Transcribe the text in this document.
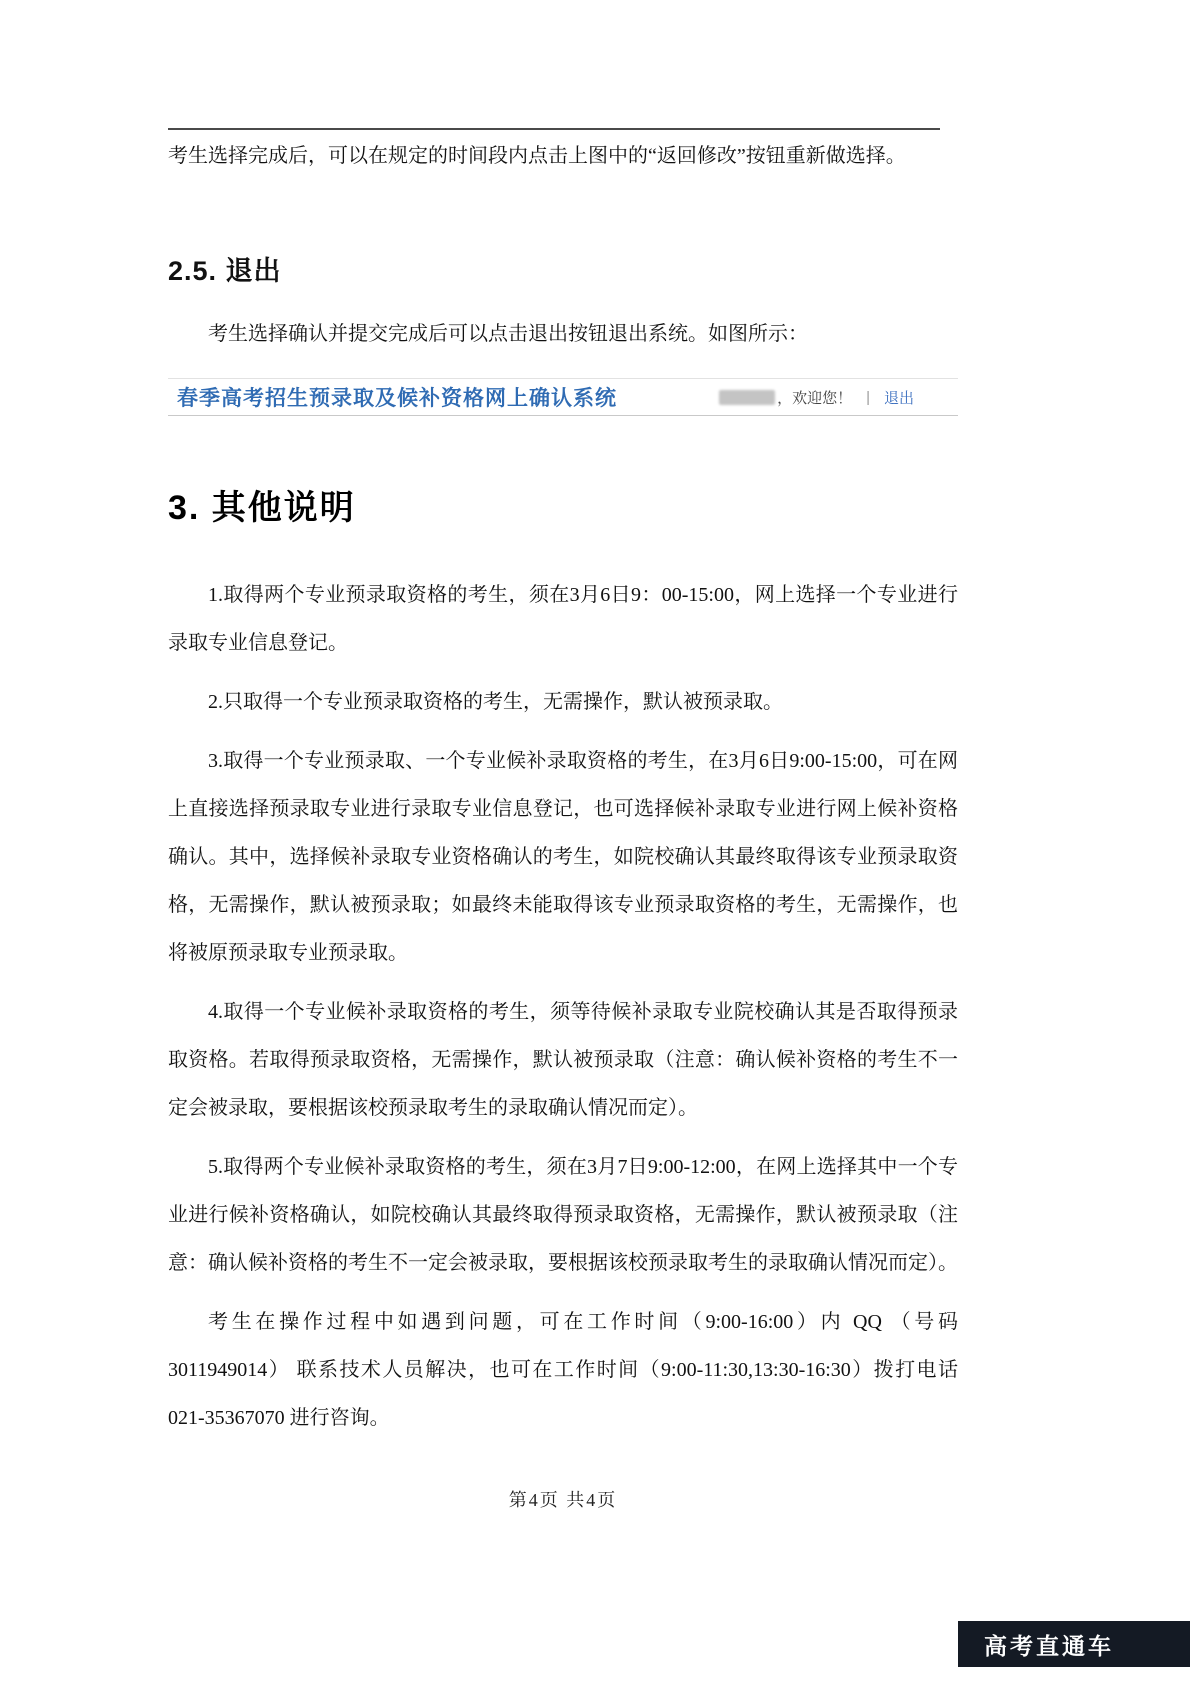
考生选择完成后，可以在规定的时间段内点击上图中的“返回修改”按钮重新做选择。

2.5. 退出

考生选择确认并提交完成后可以点击退出按钮退出系统。如图所示：

春季高考招生预录取及候补资格网上确认系统	，欢迎您！ | 退出
3. 其他说明

1.取得两个专业预录取资格的考生，须在3月6日9：00-15:00，网上选择一个专业进行录取专业信息登记。

2.只取得一个专业预录取资格的考生，无需操作，默认被预录取。

3.取得一个专业预录取、一个专业候补录取资格的考生，在3月6日9:00-15:00，可在网上直接选择预录取专业进行录取专业信息登记，也可选择候补录取专业进行网上候补资格确认。其中，选择候补录取专业资格确认的考生，如院校确认其最终取得该专业预录取资格，无需操作，默认被预录取；如最终未能取得该专业预录取资格的考生，无需操作，也将被原预录取专业预录取。

4.取得一个专业候补录取资格的考生，须等待候补录取专业院校确认其是否取得预录取资格。若取得预录取资格，无需操作，默认被预录取（注意：确认候补资格的考生不一定会被录取，要根据该校预录取考生的录取确认情况而定）。

5.取得两个专业候补录取资格的考生，须在3月7日9:00-12:00，在网上选择其中一个专业进行候补资格确认，如院校确认其最终取得预录取资格，无需操作，默认被预录取（注意：确认候补资格的考生不一定会被录取，要根据该校预录取考生的录取确认情况而定）。

考生在操作过程中如遇到问题，可在工作时间（9:00-16:00）内 QQ （号码3011949014） 联系技术人员解决，也可在工作时间（9:00-11:30,13:30-16:30）拨打电话 021-35367070 进行咨询。

第4页 共4页
高考直通车
